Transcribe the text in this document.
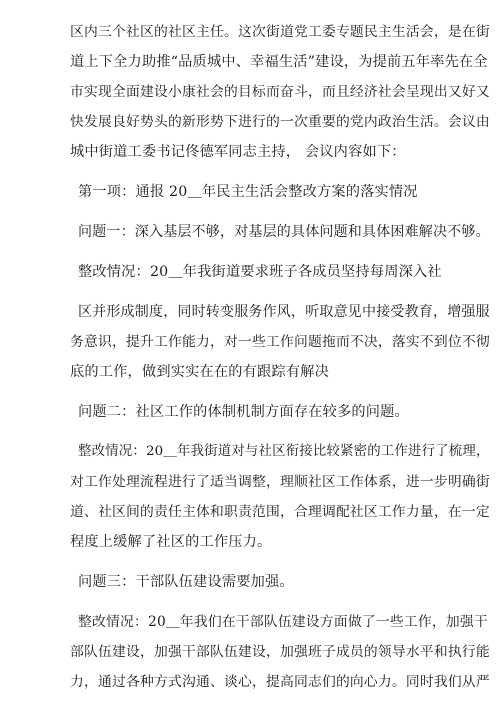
区内三个社区的社区主任。这次街道党工委专题民主生活会，是在街
道上下全力助推“品质城中、幸福生活”建设，为提前五年率先在全
市实现全面建设小康社会的目标而奋斗，而且经济社会呈现出又好又
快发展良好势头的新形势下进行的一次重要的党内政治生活。会议由
城中街道工委书记佟德军同志主持， 会议内容如下：
第一项：通报 20＿年民主生活会整改方案的落实情况
问题一：深入基层不够，对基层的具体问题和具体困难解决不够。
整改情况：20＿年我街道要求班子各成员坚持每周深入社
区并形成制度，同时转变服务作风，听取意见中接受教育，增强服
务意识，提升工作能力，对一些工作问题拖而不决，落实不到位不彻
底的工作，做到实实在在的有跟踪有解决
问题二：社区工作的体制机制方面存在较多的问题。
整改情况：20＿年我街道对与社区衔接比较紧密的工作进行了梳理，
对工作处理流程进行了适当调整，理顺社区工作体系，进一步明确街
道、社区间的责任主体和职责范围，合理调配社区工作力量，在一定
程度上缓解了社区的工作压力。
问题三：干部队伍建设需要加强。
整改情况：20＿年我们在干部队伍建设方面做了一些工作，加强干
部队伍建设，加强干部队伍建设，加强班子成员的领导水平和执行能
力，通过各种方式沟通、谈心，提高同志们的向心力。同时我们从严
